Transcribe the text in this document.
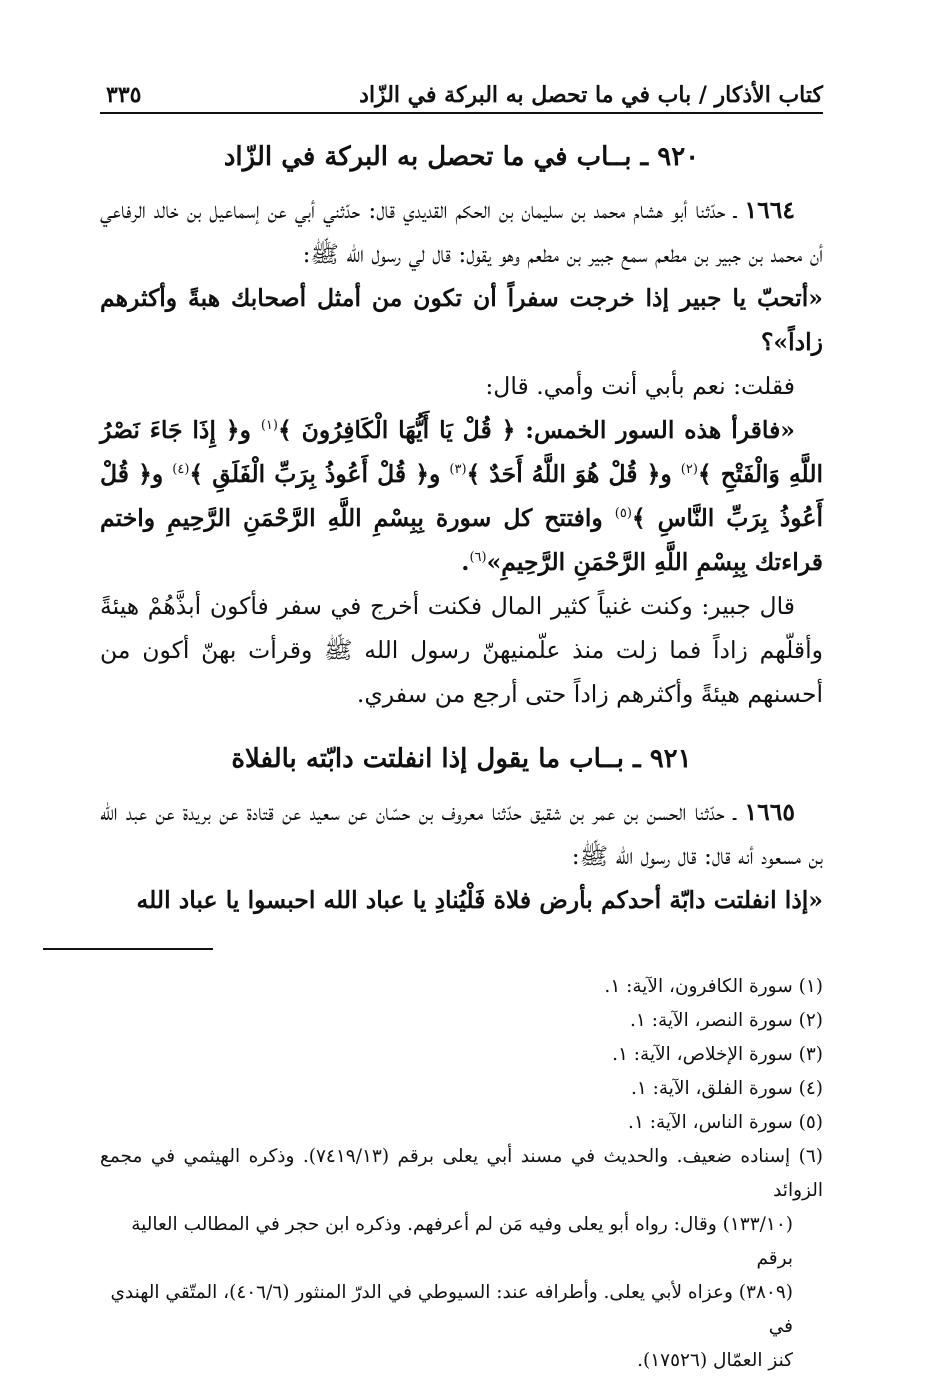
كتاب الأذكار / باب في ما تحصل به البركة في الزّاد
٣٣٥
٩٢٠ ـ بــاب في ما تحصل به البركة في الزّاد

١٦٦٤ ـ حدّثنا أبو هشام محمد بن سليمان بن الحكم القديدي قال: حدّثني أبي عن إسماعيل بن خالد الرفاعي أن محمد بن جبير بن مطعم سمع جبير بن مطعم وهو يقول: قال لي رسول الله ﷺ:

«أتحبّ يا جبير إذا خرجت سفراً أن تكون من أمثل أصحابك هبةً وأكثرهم زاداً»؟

فقلت: نعم بأبي أنت وأمي. قال:

«فاقرأ هذه السور الخمس: ﴿ قُلْ يَا أَيُّهَا الْكَافِرُونَ ﴾$^{(١)}$ و﴿ إِذَا جَاءَ نَصْرُ اللَّهِ وَالْفَتْحِ ﴾$^{(٢)}$ و﴿ قُلْ هُوَ اللَّهُ أَحَدٌ ﴾$^{(٣)}$ و﴿ قُلْ أَعُوذُ بِرَبِّ الْفَلَقِ ﴾$^{(٤)}$ و﴿ قُلْ أَعُوذُ بِرَبِّ النَّاسِ ﴾$^{(٥)}$ وافتتح كل سورة بِبِسْمِ اللَّهِ الرَّحْمَنِ الرَّحِيمِ واختم قراءتك بِبِسْمِ اللَّهِ الرَّحْمَنِ الرَّحِيمِ»$^{(٦)}$.

قال جبير: وكنت غنياً كثير المال فكنت أخرج في سفر فأكون أبذَّهُمْ هيئةً وأقلّهم زاداً فما زلت منذ علّمنيهنّ رسول الله ﷺ وقرأت بهنّ أكون من أحسنهم هيئةً وأكثرهم زاداً حتى أرجع من سفري.

٩٢١ ـ بــاب ما يقول إذا انفلتت دابّته بالفلاة

١٦٦٥ ـ حدّثنا الحسن بن عمر بن شقيق حدّثنا معروف بن حسّان عن سعيد عن قتادة عن بريدة عن عبد الله بن مسعود أنه قال: قال رسول الله ﷺ:

«إذا انفلتت دابّة أحدكم بأرض فلاة فَلْيُنادِ يا عباد الله احبسوا يا عباد الله

(١) سورة الكافرون، الآية: ١.
(٢) سورة النصر، الآية: ١.
(٣) سورة الإخلاص، الآية: ١.
(٤) سورة الفلق، الآية: ١.
(٥) سورة الناس، الآية: ١.
(٦) إسناده ضعيف. والحديث في مسند أبي يعلى برقم (٧٤١٩/١٣). وذكره الهيثمي في مجمع الزوائد
(١٣٣/١٠) وقال: رواه أبو يعلى وفيه مَن لم أعرفهم. وذكره ابن حجر في المطالب العالية برقم
(٣٨٠٩) وعزاه لأبي يعلى. وأطرافه عند: السيوطي في الدرّ المنثور (٤٠٦/٦)، المتّقي الهندي في
كنز العمّال (١٧٥٢٦).
